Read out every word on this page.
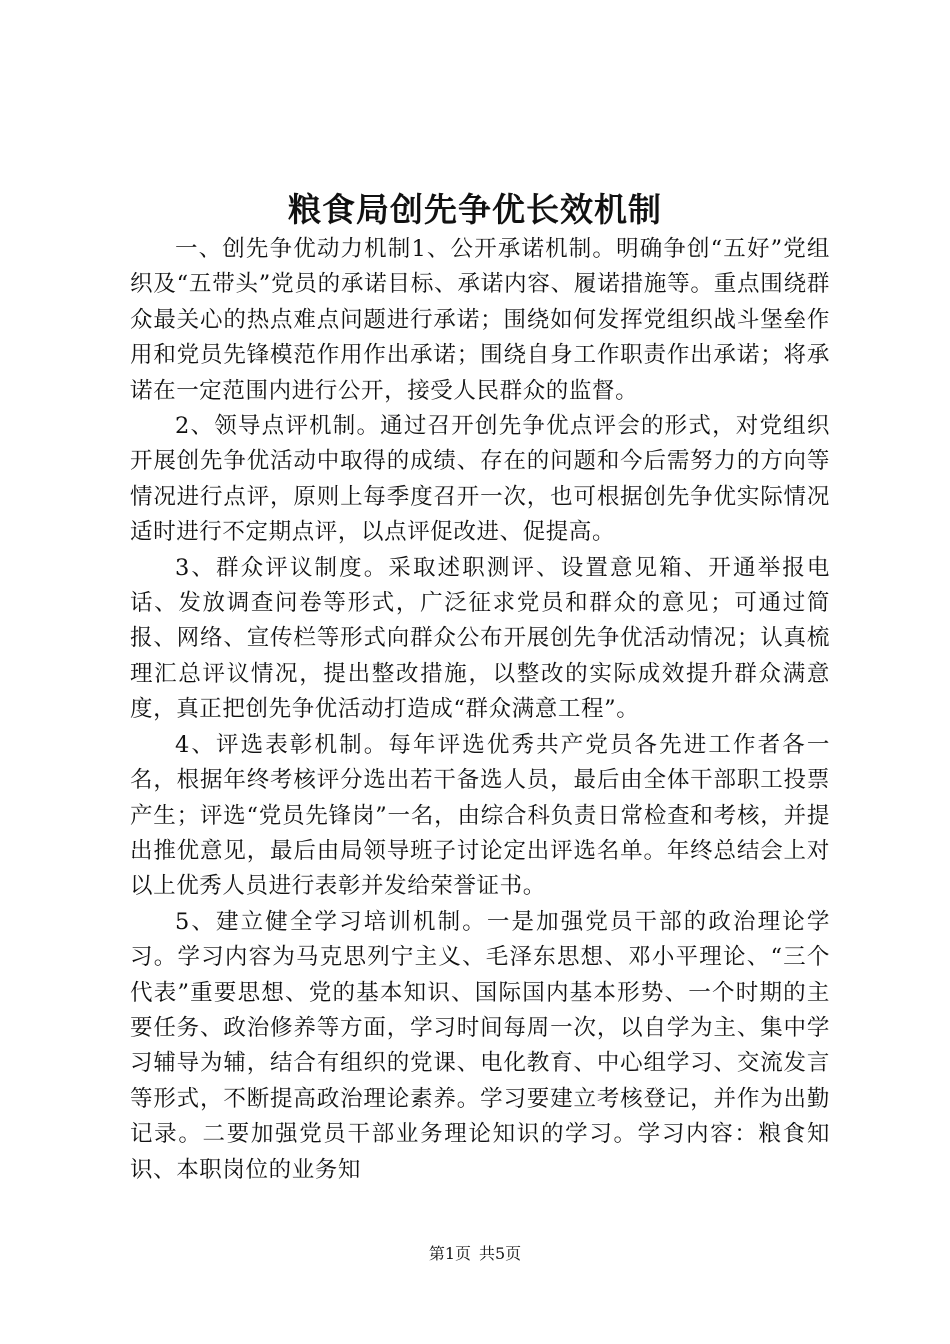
粮食局创先争优长效机制

一、创先争优动力机制1、公开承诺机制。明确争创“五好”党组织及“五带头”党员的承诺目标、承诺内容、履诺措施等。重点围绕群众最关心的热点难点问题进行承诺；围绕如何发挥党组织战斗堡垒作用和党员先锋模范作用作出承诺；围绕自身工作职责作出承诺；将承诺在一定范围内进行公开，接受人民群众的监督。

2、领导点评机制。通过召开创先争优点评会的形式，对党组织开展创先争优活动中取得的成绩、存在的问题和今后需努力的方向等情况进行点评，原则上每季度召开一次，也可根据创先争优实际情况适时进行不定期点评，以点评促改进、促提高。

3、群众评议制度。采取述职测评、设置意见箱、开通举报电话、发放调查问卷等形式，广泛征求党员和群众的意见；可通过简报、网络、宣传栏等形式向群众公布开展创先争优活动情况；认真梳理汇总评议情况，提出整改措施，以整改的实际成效提升群众满意度，真正把创先争优活动打造成“群众满意工程”。

4、评选表彰机制。每年评选优秀共产党员各先进工作者各一名，根据年终考核评分选出若干备选人员，最后由全体干部职工投票产生；评选“党员先锋岗”一名，由综合科负责日常检查和考核，并提出推优意见，最后由局领导班子讨论定出评选名单。年终总结会上对以上优秀人员进行表彰并发给荣誉证书。

5、建立健全学习培训机制。一是加强党员干部的政治理论学习。学习内容为马克思列宁主义、毛泽东思想、邓小平理论、“三个代表”重要思想、党的基本知识、国际国内基本形势、一个时期的主要任务、政治修养等方面，学习时间每周一次，以自学为主、集中学习辅导为辅，结合有组织的党课、电化教育、中心组学习、交流发言等形式，不断提高政治理论素养。学习要建立考核登记，并作为出勤记录。二要加强党员干部业务理论知识的学习。学习内容：粮食知识、本职岗位的业务知

第1页 共5页
